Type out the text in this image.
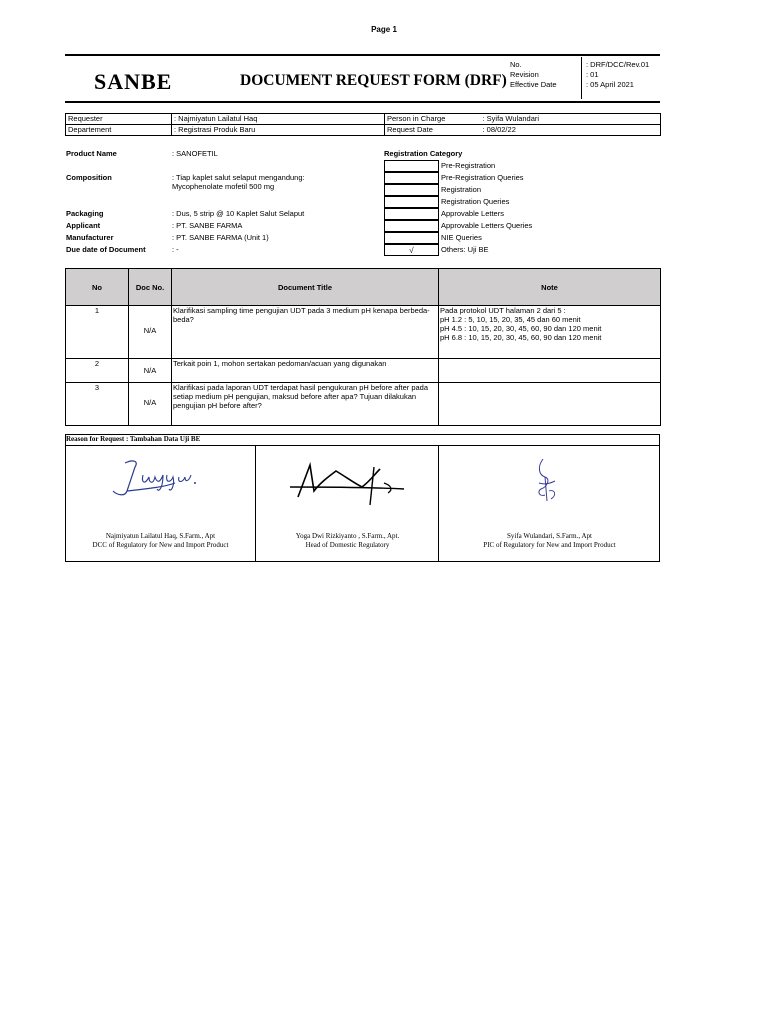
Page 1
SANBE	DOCUMENT REQUEST FORM (DRF)
No.	: DRF/DCC/Rev.01
Revision	: 01
Effective Date	: 05 April 2021
Requester	: Najmiyatun Lailatul Haq	Person in Charge	: Syifa Wulandari
Departement	: Registrasi Produk Baru	Request Date	: 08/02/22
Product Name	: SANOFETIL
Composition	: Tiap kaplet salut selaput mengandung:
Mycophenolate mofetil 500 mg
Packaging	: Dus, 5 strip @ 10 Kaplet Salut Selaput
Applicant	: PT. SANBE FARMA
Manufacturer	: PT. SANBE FARMA (Unit 1)
Due date of Document	: -
Registration Category
Pre-Registration
Pre-Registration Queries
Registration
Registration Queries
Approvable Letters
Approvable Letters Queries
NIE Queries
√	Others: Uji BE
No	Doc No.	Document Title	Note
1	N/A	Klarifikasi sampling time pengujian UDT pada 3 medium pH kenapa berbeda-beda?	Pada protokol UDT halaman 2 dari 5 :
pH 1.2 : 5, 10, 15, 20, 35, 45 dan 60 menit
pH 4.5 : 10, 15, 20, 30, 45, 60, 90 dan 120 menit
pH 6.8 : 10, 15, 20, 30, 45, 60, 90 dan 120 menit

2	N/A	Terkait poin 1, mohon sertakan pedoman/acuan yang digunakan	
3	N/A	Klarifikasi pada laporan UDT terdapat hasil pengukuran pH before after pada setiap medium pH pengujian, maksud before after apa? Tujuan dilakukan pengujian pH before after?	
Reason for Request : Tambahan Data Uji BE
Najmiyatun Lailatul Haq, S.Farm., Apt
DCC of Regulatory for New and Import Product
Yoga Dwi Rizkiyanto , S.Farm., Apt.
Head of Domestic Regulatory
Syifa Wulandari, S.Farm., Apt
PIC of Regulatory for New and Import Product
